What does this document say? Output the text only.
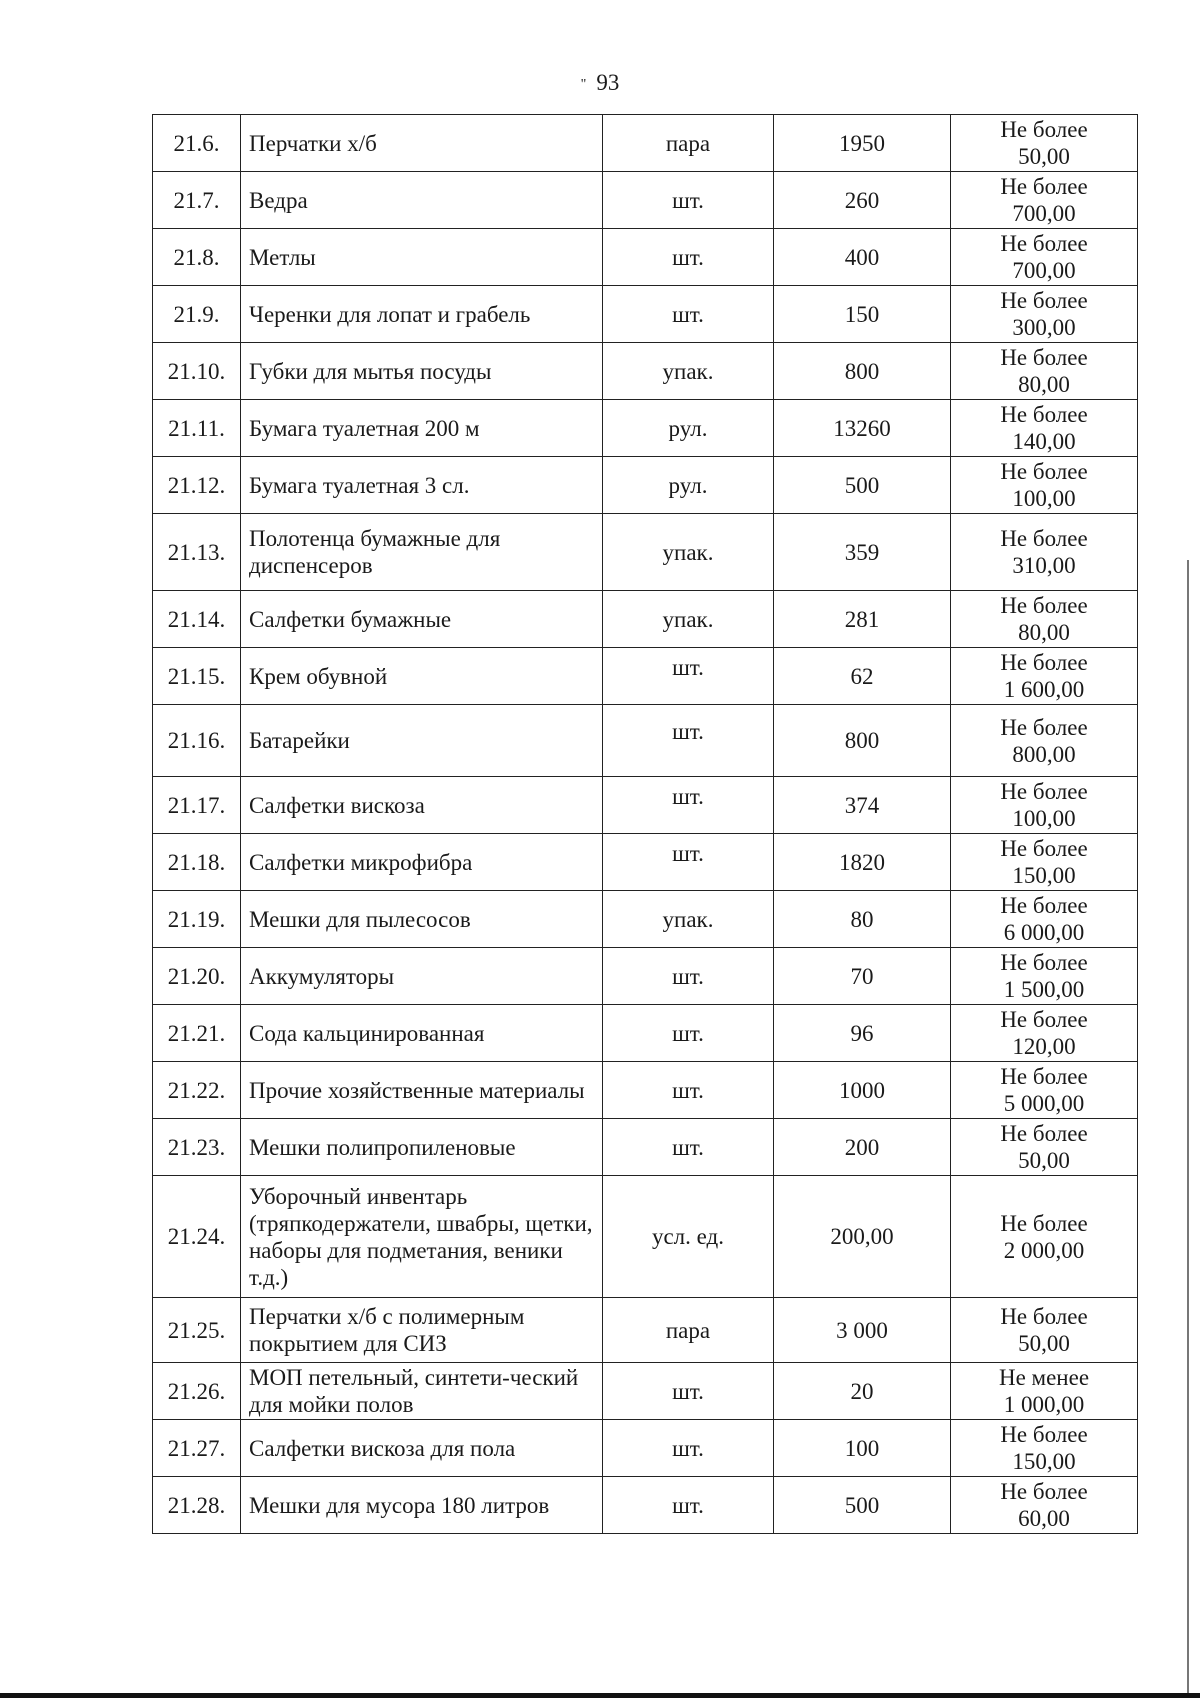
" 93
21.6.	Перчатки х/б	пара	1950	Не более
50,00

21.7.	Ведра	шт.	260	Не более
700,00

21.8.	Метлы	шт.	400	Не более
700,00

21.9.	Черенки для лопат и грабель	шт.	150	Не более
300,00

21.10.	Губки для мытья посуды	упак.	800	Не более
80,00

21.11.	Бумага туалетная 200 м	рул.	13260	Не более
140,00

21.12.	Бумага туалетная 3 сл.	рул.	500	Не более
100,00

21.13.	Полотенца бумажные для диспенсеров	упак.	359	Не более
310,00

21.14.	Салфетки бумажные	упак.	281	Не более
80,00

21.15.	Крем обувной	шт.	62	Не более
1 600,00

21.16.	Батарейки	шт.	800	Не более
800,00

21.17.	Салфетки вискоза	шт.	374	Не более
100,00

21.18.	Салфетки микрофибра	шт.	1820	Не более
150,00

21.19.	Мешки для пылесосов	упак.	80	Не более
6 000,00

21.20.	Аккумуляторы	шт.	70	Не более
1 500,00

21.21.	Сода кальцинированная	шт.	96	Не более
120,00

21.22.	Прочие хозяйственные материалы	шт.	1000	Не более
5 000,00

21.23.	Мешки полипропиленовые	шт.	200	Не более
50,00

21.24.	Уборочный инвентарь (тряпкодержатели, швабры, щетки, наборы для подметания, веники т.д.)	усл. ед.	200,00	Не более
2 000,00

21.25.	Перчатки х/б с полимерным покрытием для СИЗ	пара	3 000	Не более
50,00

21.26.	МОП петельный, синтети-ческий для мойки полов	шт.	20	Не менее
1 000,00

21.27.	Салфетки вискоза для пола	шт.	100	Не более
150,00

21.28.	Мешки для мусора 180 литров	шт.	500	Не более
60,00
